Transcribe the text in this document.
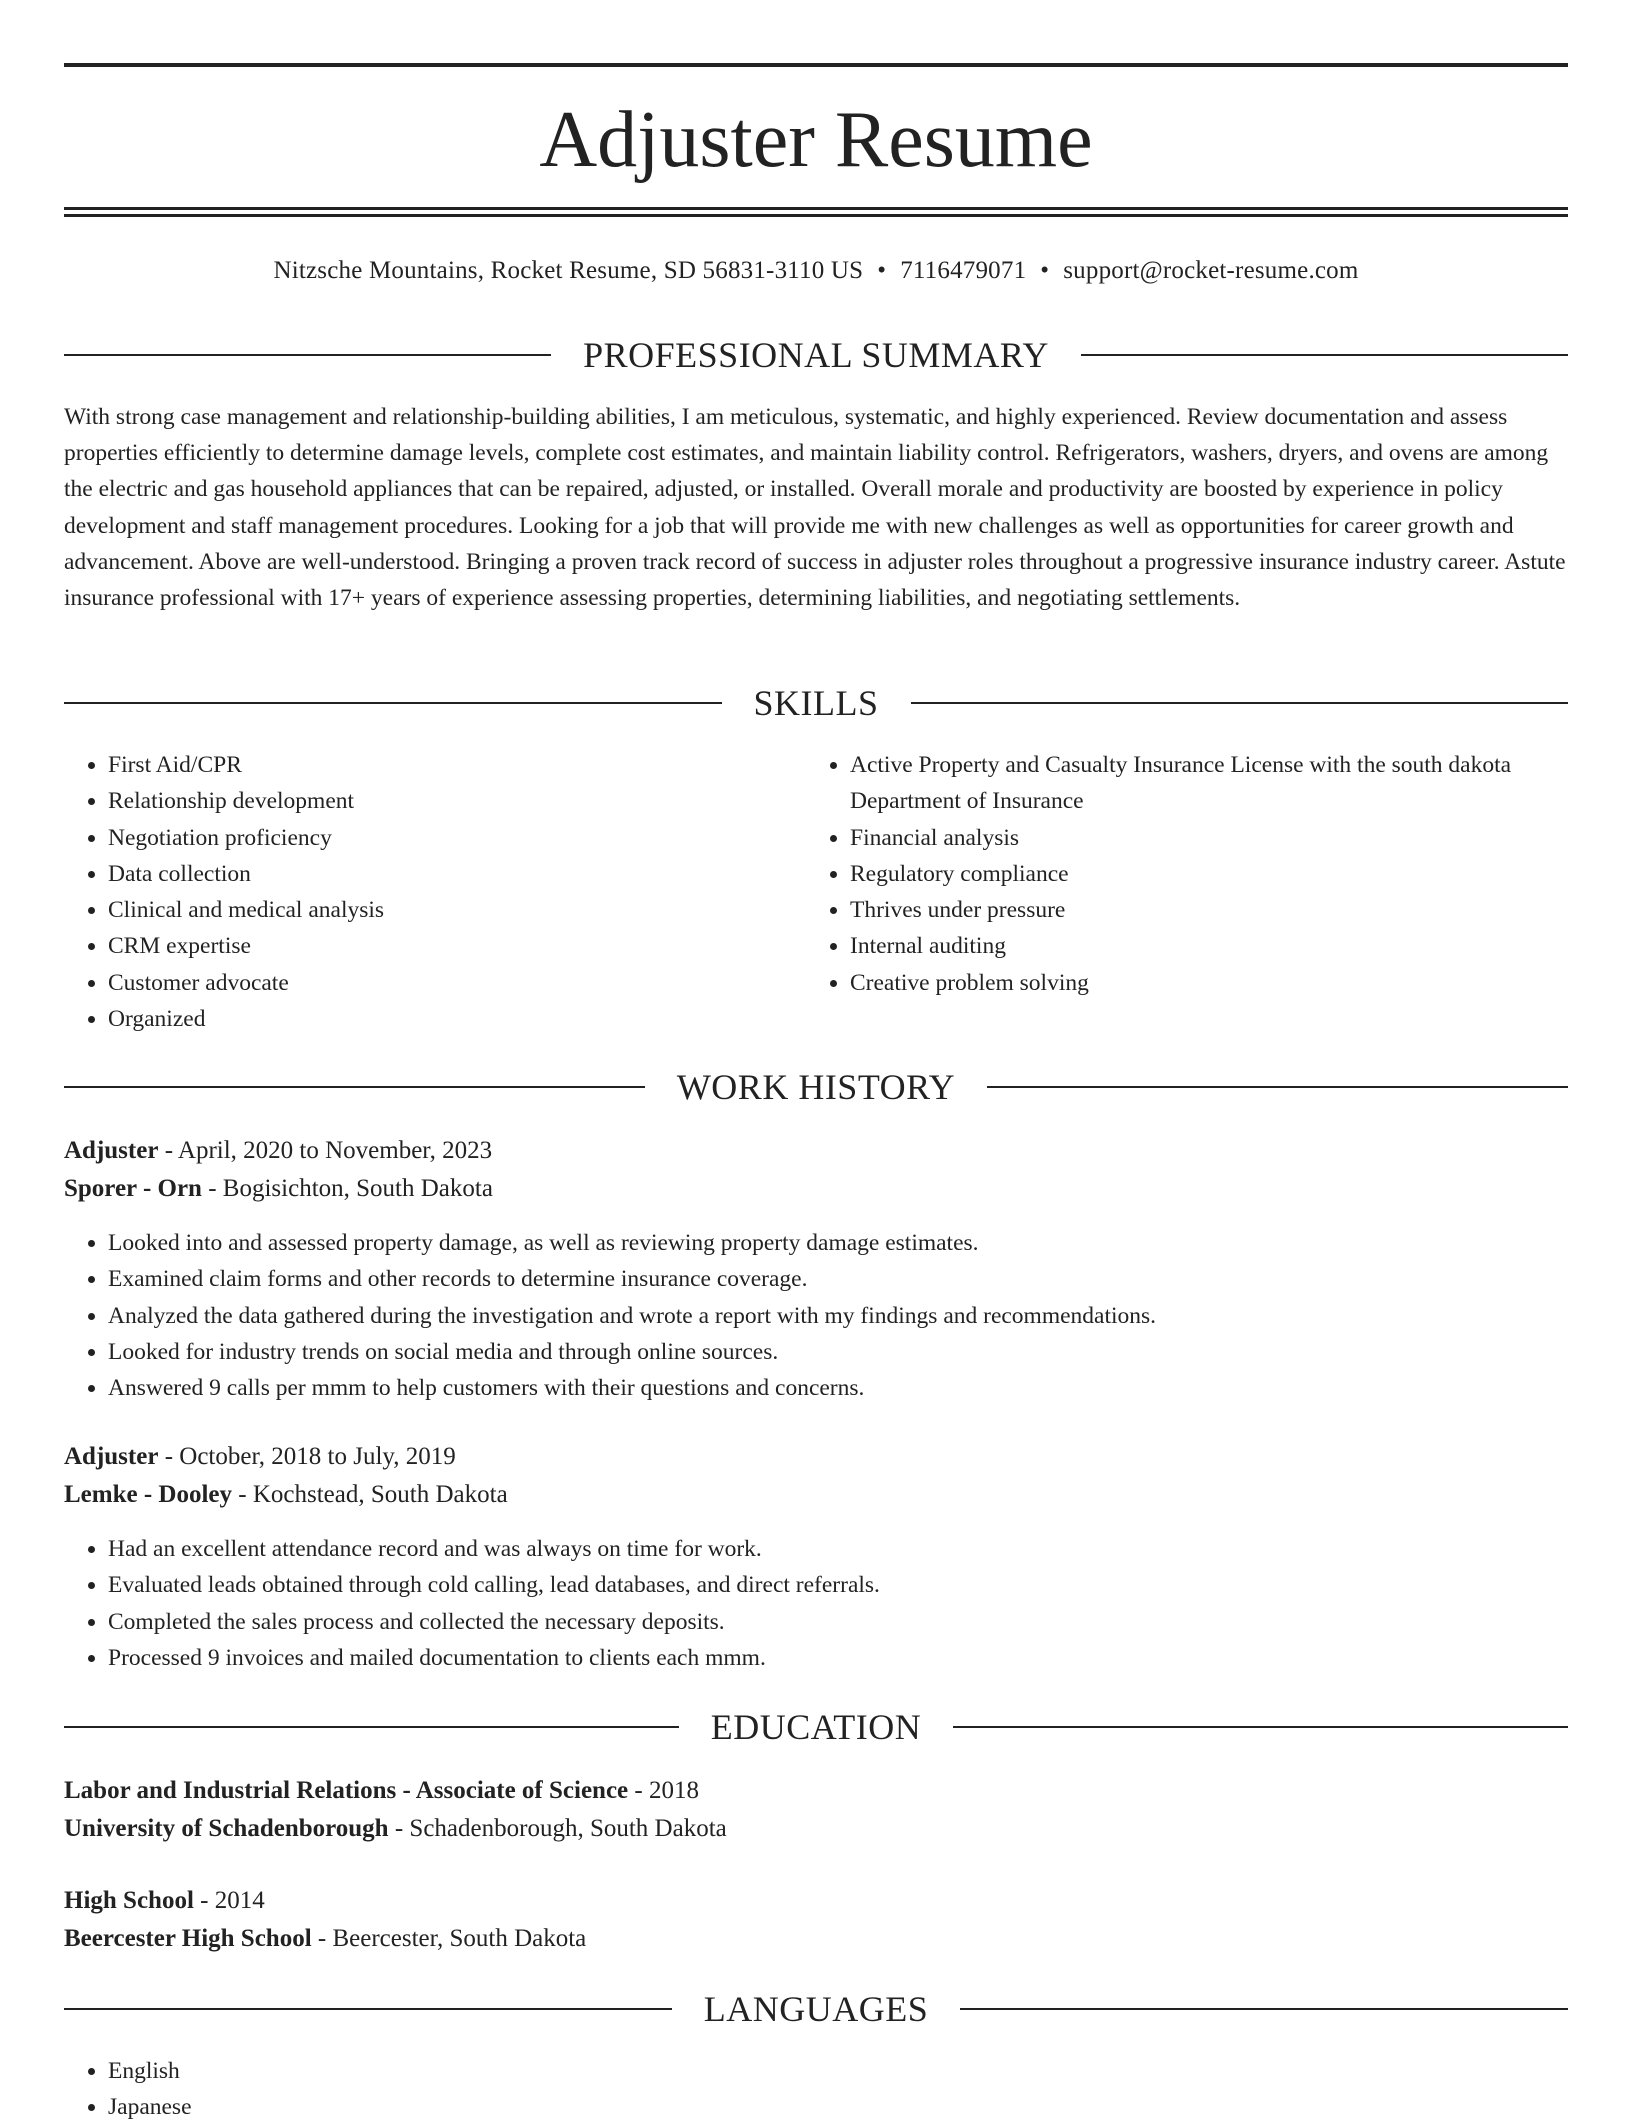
Adjuster Resume
Nitzsche Mountains, Rocket Resume, SD 56831-3110 US • 7116479071 • support@rocket-resume.com
PROFESSIONAL SUMMARY

With strong case management and relationship-building abilities, I am meticulous, systematic, and highly experienced. Review documentation and assess properties efficiently to determine damage levels, complete cost estimates, and maintain liability control. Refrigerators, washers, dryers, and ovens are among the electric and gas household appliances that can be repaired, adjusted, or installed. Overall morale and productivity are boosted by experience in policy development and staff management procedures. Looking for a job that will provide me with new challenges as well as opportunities for career growth and advancement. Above are well-understood. Bringing a proven track record of success in adjuster roles throughout a progressive insurance industry career. Astute insurance professional with 17+ years of experience assessing properties, determining liabilities, and negotiating settlements.

SKILLS
• First Aid/CPR
• Relationship development
• Negotiation proficiency
• Data collection
• Clinical and medical analysis
• CRM expertise
• Customer advocate
• Organized
• Active Property and Casualty Insurance License with the south dakota Department of Insurance
• Financial analysis
• Regulatory compliance
• Thrives under pressure
• Internal auditing
• Creative problem solving
WORK HISTORY
Adjuster - April, 2020 to November, 2023
Sporer - Orn - Bogisichton, South Dakota
• Looked into and assessed property damage, as well as reviewing property damage estimates.
• Examined claim forms and other records to determine insurance coverage.
• Analyzed the data gathered during the investigation and wrote a report with my findings and recommendations.
• Looked for industry trends on social media and through online sources.
• Answered 9 calls per mmm to help customers with their questions and concerns.
Adjuster - October, 2018 to July, 2019
Lemke - Dooley - Kochstead, South Dakota
• Had an excellent attendance record and was always on time for work.
• Evaluated leads obtained through cold calling, lead databases, and direct referrals.
• Completed the sales process and collected the necessary deposits.
• Processed 9 invoices and mailed documentation to clients each mmm.
EDUCATION
Labor and Industrial Relations - Associate of Science - 2018
University of Schadenborough - Schadenborough, South Dakota
High School - 2014
Beercester High School - Beercester, South Dakota
LANGUAGES
• English
• Japanese
